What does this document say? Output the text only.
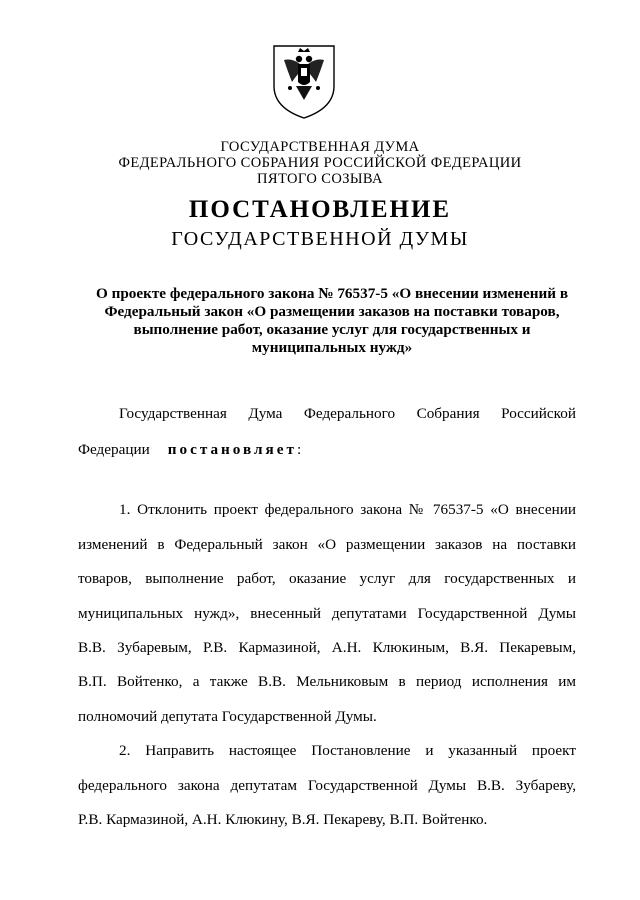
ГОСУДАРСТВЕННАЯ ДУМА
ФЕДЕРАЛЬНОГО СОБРАНИЯ РОССИЙСКОЙ ФЕДЕРАЦИИ
ПЯТОГО СОЗЫВА
ПОСТАНОВЛЕНИЕ
ГОСУДАРСТВЕННОЙ ДУМЫ
О проекте федерального закона № 76537-5 «О внесении изменений в
Федеральный закон «О размещении заказов на поставки товаров,
выполнение работ, оказание услуг для государственных и
муниципальных нужд»
Государственная Дума Федерального Собрания Российской
Федерации постановляет:
1. Отклонить проект федерального закона № 76537-5 «О внесении
изменений в Федеральный закон «О размещении заказов на поставки
товаров, выполнение работ, оказание услуг для государственных и
муниципальных нужд», внесенный депутатами Государственной Думы
В.В. Зубаревым, Р.В. Кармазиной, А.Н. Клюкиным, В.Я. Пекаревым,
В.П. Войтенко, а также В.В. Мельниковым в период исполнения им
полномочий депутата Государственной Думы.
2. Направить настоящее Постановление и указанный проект
федерального закона депутатам Государственной Думы В.В. Зубареву,
Р.В. Кармазиной, А.Н. Клюкину, В.Я. Пекареву, В.П. Войтенко.
